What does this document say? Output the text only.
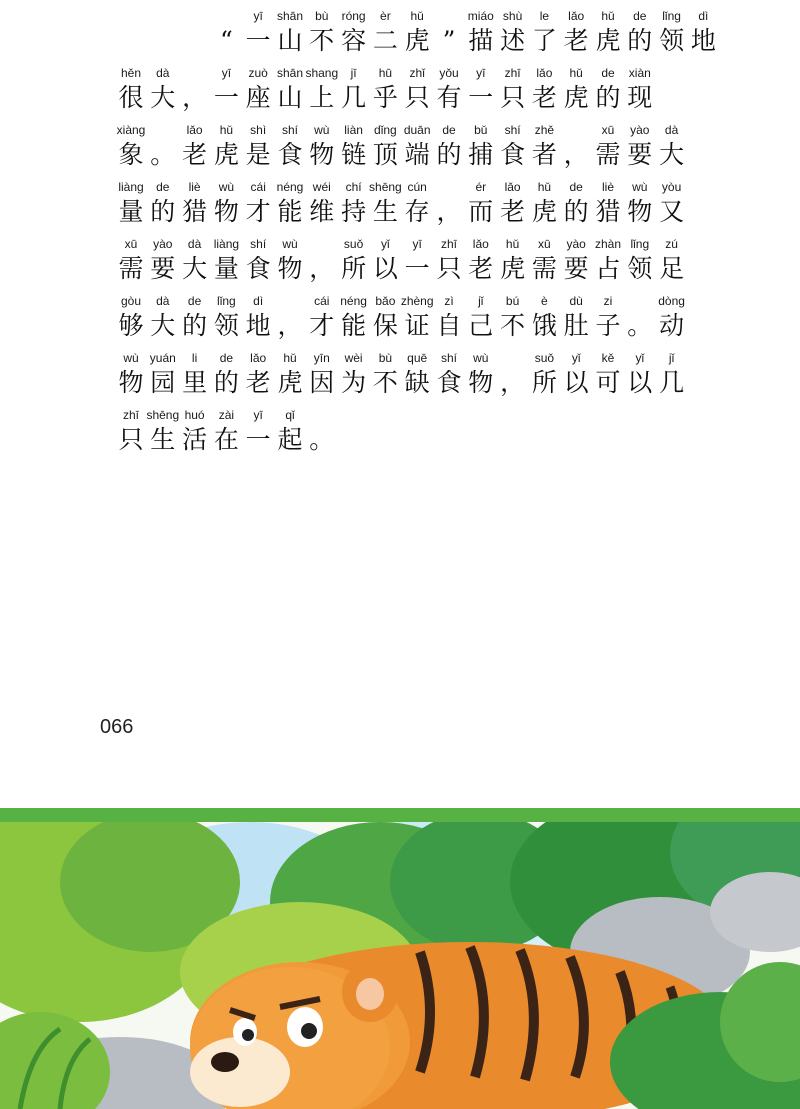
“
yī
一
shān
山
bù
不
róng
容
èr
二
hǔ
虎 ”
miáo
描
shù
述
le
了
lǎo
老
hǔ
虎
de
的
lǐng
领
dì
地
hěn
很
dà
大 ，
yī
一
zuò
座
shān
山
shang
上
jī
几
hū
乎
zhǐ
只
yǒu
有
yī
一
zhī
只
lǎo
老
hǔ
虎
de
的
xiàn
现
xiàng
象 。
lǎo
老
hǔ
虎
shì
是
shí
食
wù
物
liàn
链
dǐng
顶
duān
端
de
的
bǔ
捕
shí
食
zhě
者 ，
xū
需
yào
要
dà
大
liàng
量
de
的
liè
猎
wù
物
cái
才
néng
能
wéi
维
chí
持
shēng
生
cún
存 ，
ér
而
lǎo
老
hǔ
虎
de
的
liè
猎
wù
物
yòu
又
xū
需
yào
要
dà
大
liàng
量
shí
食
wù
物 ，
suǒ
所
yǐ
以
yī
一
zhī
只
lǎo
老
hǔ
虎
xū
需
yào
要
zhàn
占
lǐng
领
zú
足
gòu
够
dà
大
de
的
lǐng
领
dì
地 ，
cái
才
néng
能
bǎo
保
zhèng
证
zì
自
jǐ
己
bú
不
è
饿
dù
肚
zi
子 。
dòng
动
wù
物
yuán
园
li
里
de
的
lǎo
老
hǔ
虎
yīn
因
wèi
为
bù
不
quē
缺
shí
食
wù
物 ，
suǒ
所
yǐ
以
kě
可
yǐ
以
jǐ
几
zhī
只
shēng
生
huó
活
zài
在
yī
一
qǐ
起 。
066
